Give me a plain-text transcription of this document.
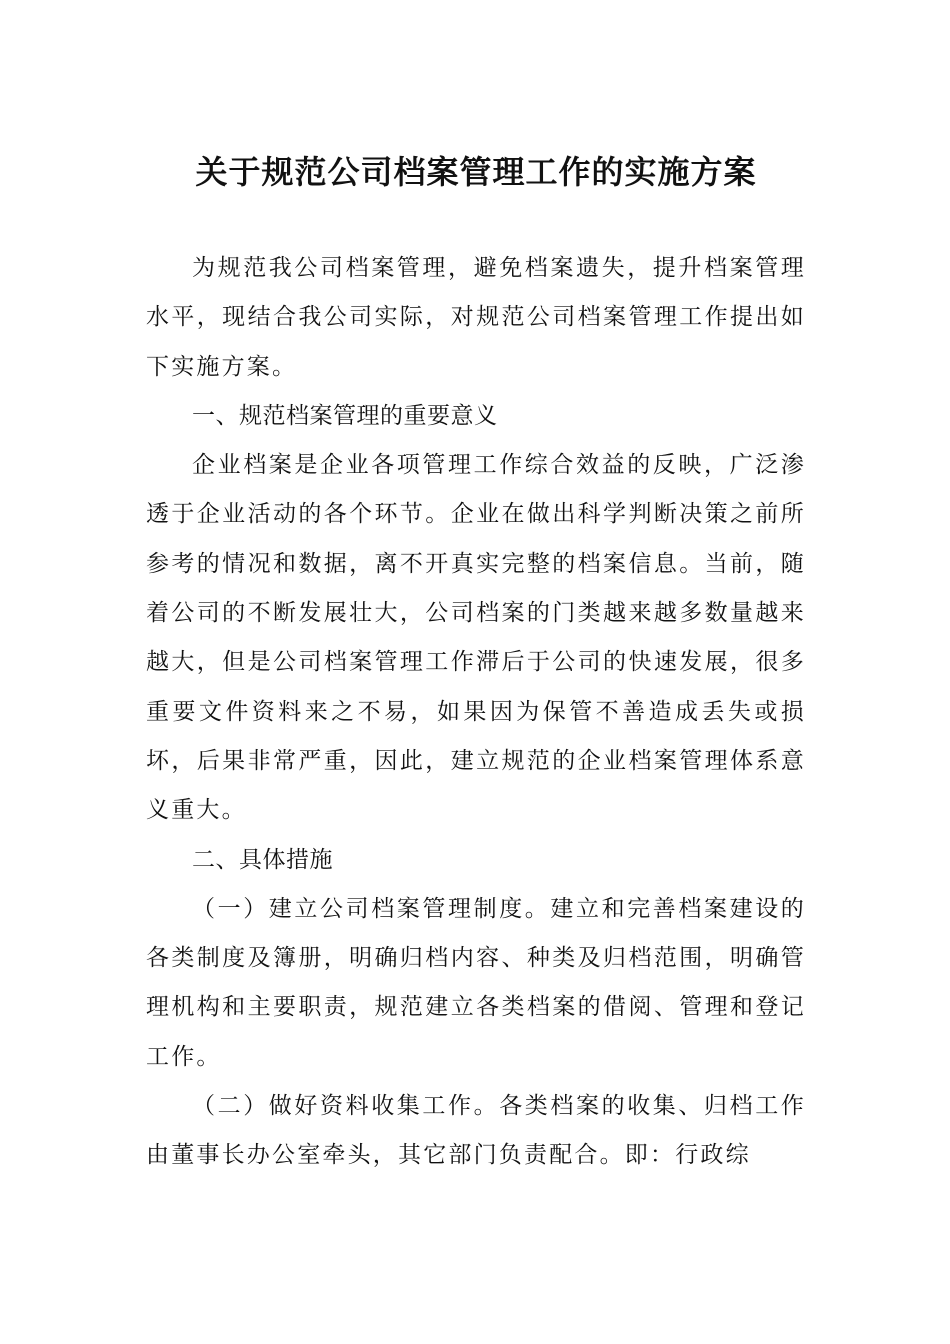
关于规范公司档案管理工作的实施方案

为规范我公司档案管理，避免档案遗失，提升档案管理水平，现结合我公司实际，对规范公司档案管理工作提出如下实施方案。

一、规范档案管理的重要意义

企业档案是企业各项管理工作综合效益的反映，广泛渗透于企业活动的各个环节。企业在做出科学判断决策之前所参考的情况和数据，离不开真实完整的档案信息。当前，随着公司的不断发展壮大，公司档案的门类越来越多数量越来越大，但是公司档案管理工作滞后于公司的快速发展，很多重要文件资料来之不易，如果因为保管不善造成丢失或损坏，后果非常严重，因此，建立规范的企业档案管理体系意义重大。

二、具体措施

（一）建立公司档案管理制度。建立和完善档案建设的各类制度及簿册，明确归档内容、种类及归档范围，明确管理机构和主要职责，规范建立各类档案的借阅、管理和登记工作。

（二）做好资料收集工作。各类档案的收集、归档工作由董事长办公室牵头，其它部门负责配合。即：行政综
